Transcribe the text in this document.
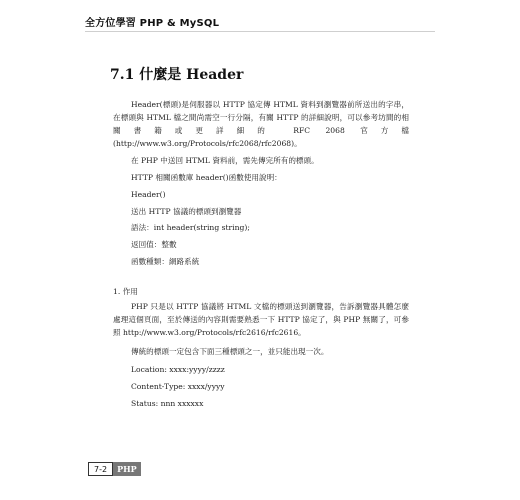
全方位學習 PHP & MySQL
7.1 什麼是 Header

Header(標頭)是伺服器以 HTTP 協定傳 HTML 資料到瀏覽器前所送出的字串，在標頭與 HTML 檔之間尚需空一行分隔，有關 HTTP 的詳細說明，可以參考坊間的相關書籍或更詳細的 RFC 2068 官方檔(http://www.w3.org/Protocols/rfc2068/rfc2068)。

在 PHP 中送回 HTML 資料前，需先傳完所有的標頭。

HTTP 相關函數庫 header()函數使用說明：

Header()

送出 HTTP 協議的標頭到瀏覽器

語法：int header(string string);

返回值：整數

函數種類：網路系統

1. 作用

PHP 只是以 HTTP 協議將 HTML 文檔的標頭送到瀏覽器，告訴瀏覽器具體怎麼處理這個頁面，至於傳送的內容則需要熟悉一下 HTTP 協定了，與 PHP 無關了，可參照 http://www.w3.org/Protocols/rfc2616/rfc2616。

傳統的標頭一定包含下面三種標頭之一，並只能出現一次。

Location: xxxx:yyyy/zzzz

Content-Type: xxxx/yyyy

Status: nnn xxxxxx

7-2	PHP
